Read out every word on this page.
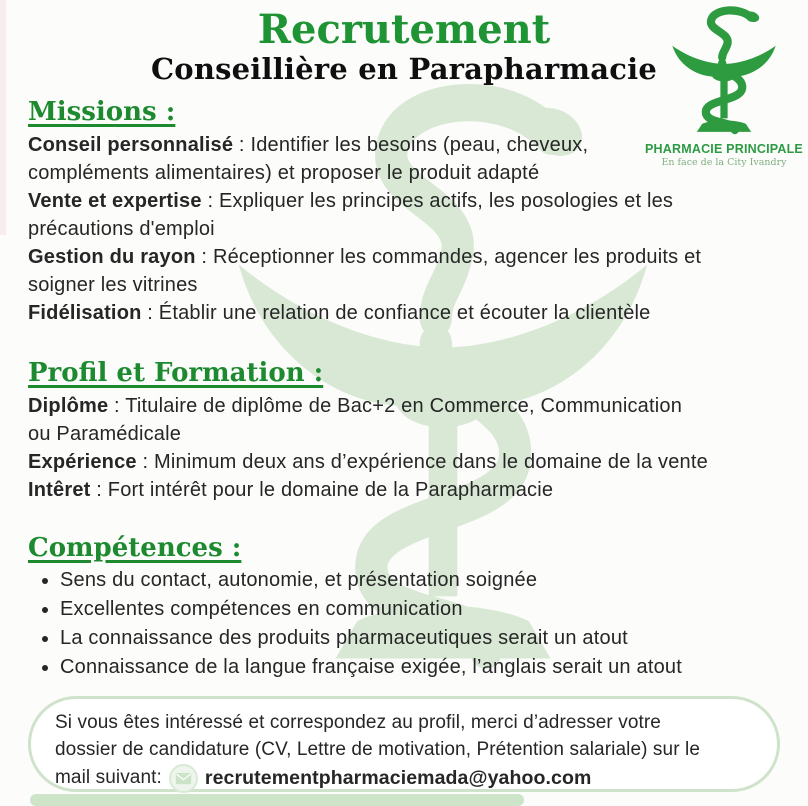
Recrutement
Conseillière en Parapharmacie
PHARMACIE PRINCIPALE
En face de la City Ivandry
Missions :
Conseil personnalisé : Identifier les besoins (peau, cheveux,
compléments alimentaires) et proposer le produit adapté
Vente et expertise : Expliquer les principes actifs, les posologies et les
précautions d'emploi
Gestion du rayon : Réceptionner les commandes, agencer les produits et
soigner les vitrines
Fidélisation : Établir une relation de confiance et écouter la clientèle
Profil et Formation :
Diplôme : Titulaire de diplôme de Bac+2 en Commerce, Communication
ou Paramédicale
Expérience : Minimum deux ans d’expérience dans le domaine de la vente
Intêret : Fort intérêt pour le domaine de la Parapharmacie
Compétences :
• Sens du contact, autonomie, et présentation soignée
• Excellentes compétences en communication
• La connaissance des produits pharmaceutiques serait un atout
• Connaissance de la langue française exigée, l’anglais serait un atout
Si vous êtes intéressé et correspondez au profil, merci d’adresser votre
dossier de candidature (CV, Lettre de motivation, Prétention salariale) sur le
mail suivant: recrutementpharmaciemada@yahoo.com
